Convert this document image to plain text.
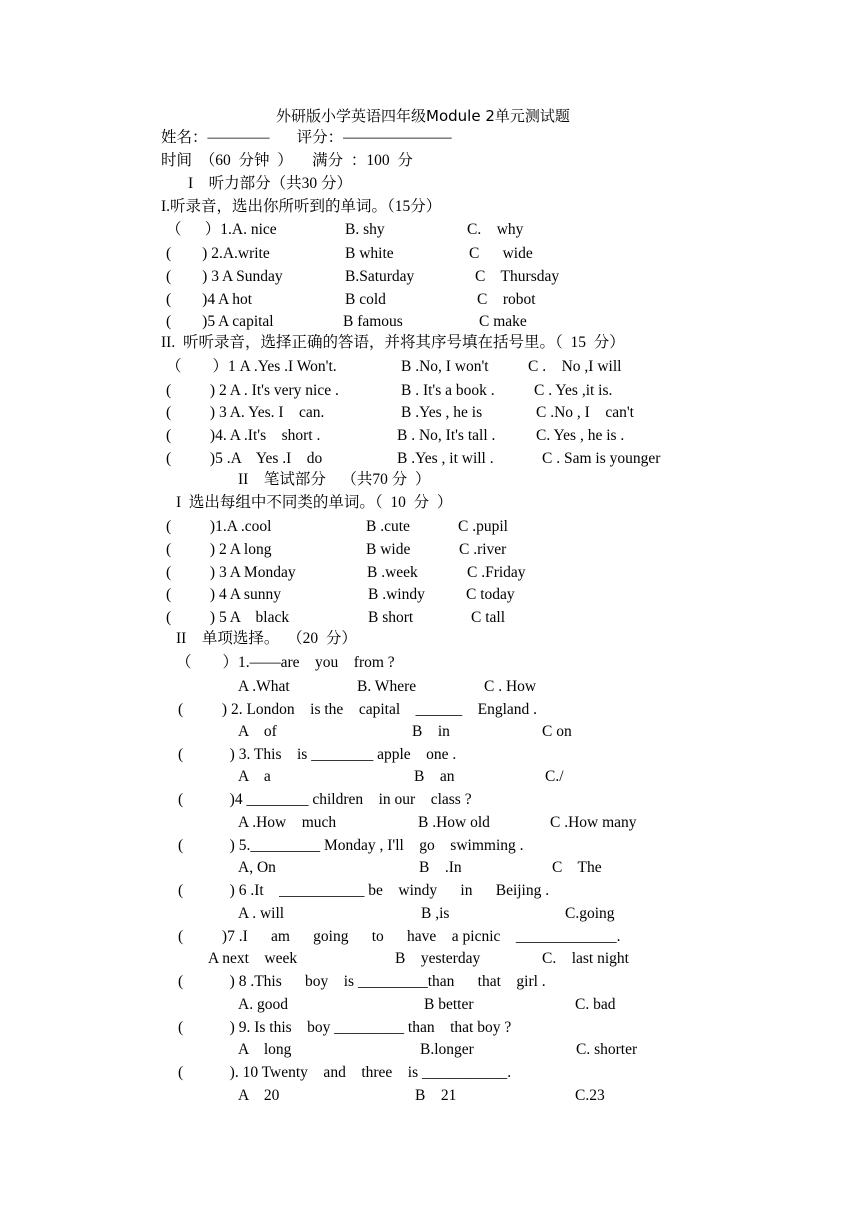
外研版小学英语四年级Module 2单元测试题
姓名：————       评分：———————
时间  （60  分钟  ）     满分  ：100  分
I    听力部分（共30 分）
I.听录音，选出你所听到的单词。（15分）
（      ）1.A. nice	B. shy	C.    why
(        ) 2.A.write	B white	C      wide
(        ) 3 A Sunday	B.Saturday	C    Thursday
(        )4 A hot	B cold	C    robot
(        )5 A capital	B famous	C make
II.  听听录音，选择正确的答语，并将其序号填在括号里。（  15  分）
（        ）1 A .Yes .I Won't.	B .No, I won't	C .    No ,I will
(          ) 2 A . It's very nice .	B . It's a book .	C . Yes ,it is.
(          ) 3 A. Yes. I    can.	B .Yes , he is	C .No , I    can't
(          )4. A .It's    short .	B . No, It's tall .	C. Yes , he is .
(          )5 .A    Yes .I    do	B .Yes , it will .	C . Sam is younger
II    笔试部分    （共70 分  ）
I  选出每组中不同类的单词。（  10  分  ）
(          )1.A .cool	B .cute	C .pupil
(          ) 2 A long	B wide	C .river
(          ) 3 A Monday	B .week	C .Friday
(          ) 4 A sunny	B .windy	C today
(          ) 5 A    black	B short	C tall
II    单项选择。  （20  分）
（        ）1.——are    you    from ?
A .What	B. Where	C . How
(          ) 2. London    is the    capital    ______    England .
A    of	B    in	C on
(            ) 3. This    is ________ apple    one .
A    a	B    an	C./
(            )4 ________ children    in our    class ?
A .How    much	B .How old	C .How many
(            ) 5._________ Monday , I'll    go    swimming .
A, On	B    .In	C    The
(            ) 6 .It    ___________ be    windy      in      Beijing .
A . will	B ,is	C.going
(          )7 .I      am      going      to      have    a picnic    _____________.
A next    week	B    yesterday	C.    last night
(            ) 8 .This      boy    is _________than      that    girl .
A. good	B better	C. bad
(            ) 9. Is this    boy _________ than    that boy ?
A    long	B.longer	C. shorter
(            ). 10 Twenty    and    three    is ___________.
A    20	B    21	C.23
